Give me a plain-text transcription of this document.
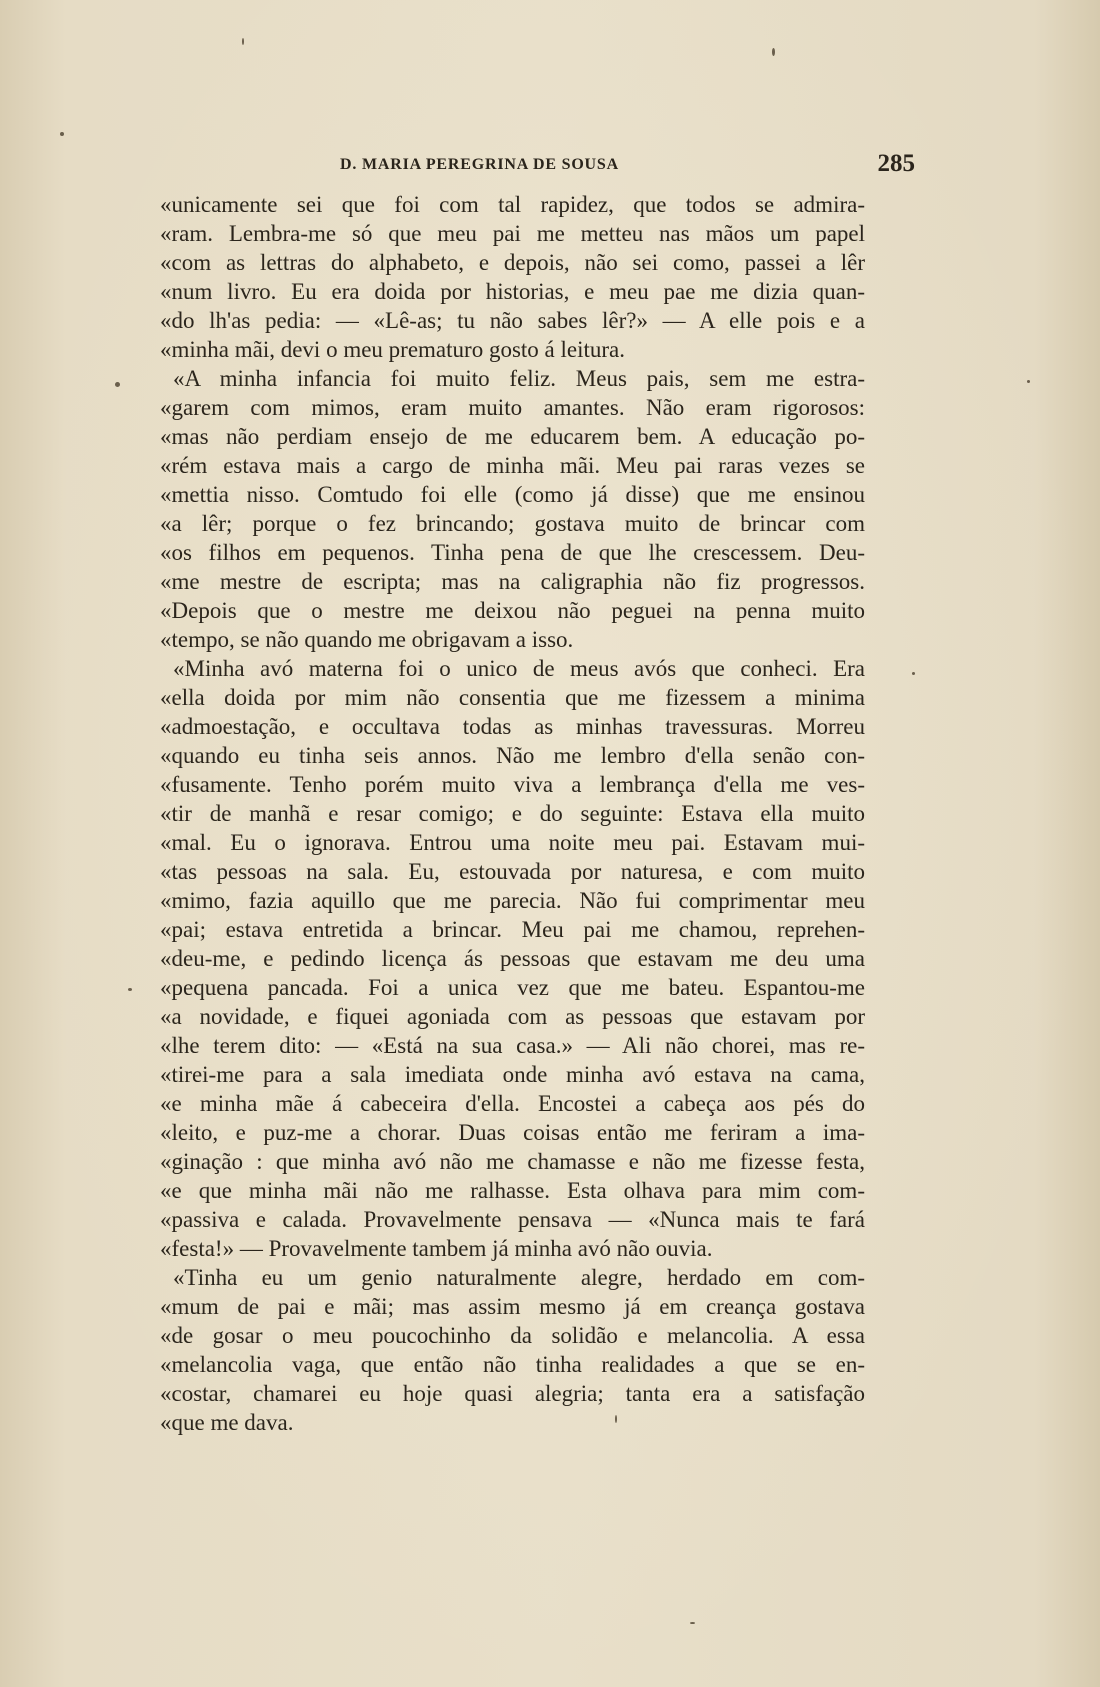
D. MARIA PEREGRINA DE SOUSA	285
«unicamente sei que foi com tal rapidez, que todos se admira-
«ram. Lembra-me só que meu pai me metteu nas mãos um papel
«com as lettras do alphabeto, e depois, não sei como, passei a lêr
«num livro. Eu era doida por historias, e meu pae me dizia quan-
«do lh'as pedia: — «Lê-as; tu não sabes lêr?» — A elle pois e a
«minha mãi, devi o meu prematuro gosto á leitura.
«A minha infancia foi muito feliz. Meus pais, sem me estra-
«garem com mimos, eram muito amantes. Não eram rigorosos:
«mas não perdiam ensejo de me educarem bem. A educação po-
«rém estava mais a cargo de minha mãi. Meu pai raras vezes se
«mettia nisso. Comtudo foi elle (como já disse) que me ensinou
«a lêr; porque o fez brincando; gostava muito de brincar com
«os filhos em pequenos. Tinha pena de que lhe crescessem. Deu-
«me mestre de escripta; mas na caligraphia não fiz progressos.
«Depois que o mestre me deixou não peguei na penna muito
«tempo, se não quando me obrigavam a isso.
«Minha avó materna foi o unico de meus avós que conheci. Era
«ella doida por mim não consentia que me fizessem a minima
«admoestação, e occultava todas as minhas travessuras. Morreu
«quando eu tinha seis annos. Não me lembro d'ella senão con-
«fusamente. Tenho porém muito viva a lembrança d'ella me ves-
«tir de manhã e resar comigo; e do seguinte: Estava ella muito
«mal. Eu o ignorava. Entrou uma noite meu pai. Estavam mui-
«tas pessoas na sala. Eu, estouvada por naturesa, e com muito
«mimo, fazia aquillo que me parecia. Não fui comprimentar meu
«pai; estava entretida a brincar. Meu pai me chamou, reprehen-
«deu-me, e pedindo licença ás pessoas que estavam me deu uma
«pequena pancada. Foi a unica vez que me bateu. Espantou-me
«a novidade, e fiquei agoniada com as pessoas que estavam por
«lhe terem dito: — «Está na sua casa.» — Ali não chorei, mas re-
«tirei-me para a sala imediata onde minha avó estava na cama,
«e minha mãe á cabeceira d'ella. Encostei a cabeça aos pés do
«leito, e puz-me a chorar. Duas coisas então me feriram a ima-
«ginação : que minha avó não me chamasse e não me fizesse festa,
«e que minha mãi não me ralhasse. Esta olhava para mim com-
«passiva e calada. Provavelmente pensava — «Nunca mais te fará
«festa!» — Provavelmente tambem já minha avó não ouvia.
«Tinha eu um genio naturalmente alegre, herdado em com-
«mum de pai e mãi; mas assim mesmo já em creança gostava
«de gosar o meu poucochinho da solidão e melancolia. A essa
«melancolia vaga, que então não tinha realidades a que se en-
«costar, chamarei eu hoje quasi alegria; tanta era a satisfação
«que me dava.
